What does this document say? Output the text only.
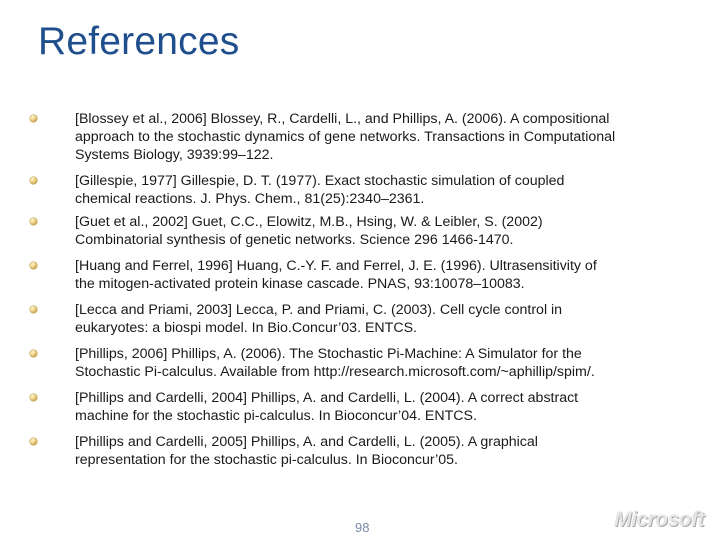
References
[Blossey et al., 2006] Blossey, R., Cardelli, L., and Phillips, A. (2006). A compositional
approach to the stochastic dynamics of gene networks. Transactions in Computational
Systems Biology, 3939:99–122.
[Gillespie, 1977] Gillespie, D. T. (1977). Exact stochastic simulation of coupled
chemical reactions. J. Phys. Chem., 81(25):2340–2361.
[Guet et al., 2002] Guet, C.C., Elowitz, M.B., Hsing, W. & Leibler, S. (2002)
Combinatorial synthesis of genetic networks. Science 296 1466-1470.
[Huang and Ferrel, 1996] Huang, C.-Y. F. and Ferrel, J. E. (1996). Ultrasensitivity of
the mitogen-activated protein kinase cascade. PNAS, 93:10078–10083.
[Lecca and Priami, 2003] Lecca, P. and Priami, C. (2003). Cell cycle control in
eukaryotes: a biospi model. In Bio.Concur’03. ENTCS.
[Phillips, 2006] Phillips, A. (2006). The Stochastic Pi-Machine: A Simulator for the
Stochastic Pi-calculus. Available from http://research.microsoft.com/~aphillip/spim/.
[Phillips and Cardelli, 2004] Phillips, A. and Cardelli, L. (2004). A correct abstract
machine for the stochastic pi-calculus. In Bioconcur’04. ENTCS.
[Phillips and Cardelli, 2005] Phillips, A. and Cardelli, L. (2005). A graphical
representation for the stochastic pi-calculus. In Bioconcur’05.
98	Microsoft
